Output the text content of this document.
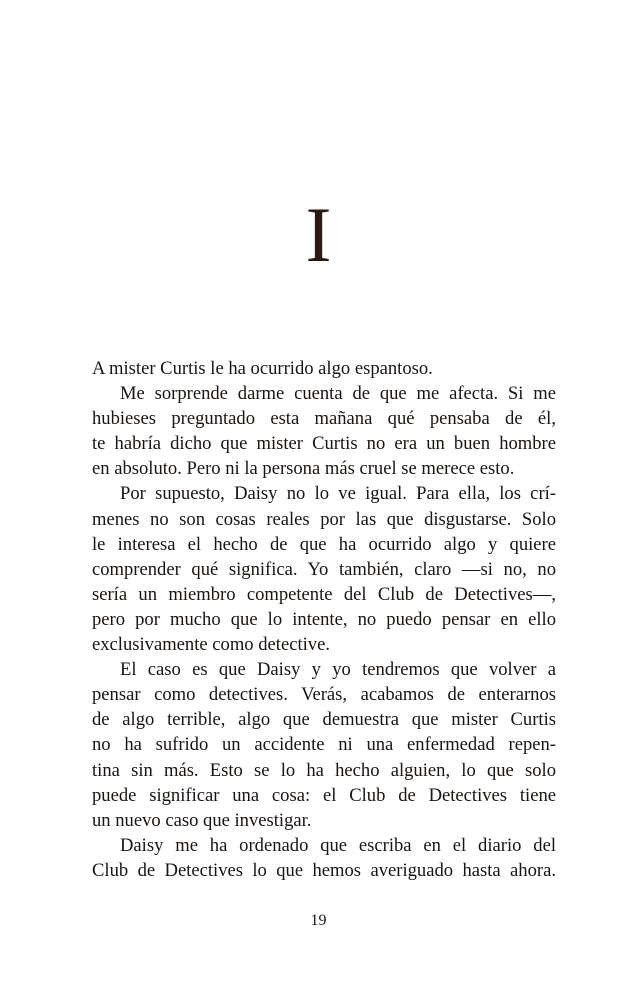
I
A mister Curtis le ha ocurrido algo espantoso.
Me sorprende darme cuenta de que me afecta. Si me
hubieses preguntado esta mañana qué pensaba de él,
te habría dicho que mister Curtis no era un buen hombre
en absoluto. Pero ni la persona más cruel se merece esto.
Por supuesto, Daisy no lo ve igual. Para ella, los crí-
menes no son cosas reales por las que disgustarse. Solo
le interesa el hecho de que ha ocurrido algo y quiere
comprender qué significa. Yo también, claro —si no, no
sería un miembro competente del Club de Detectives—,
pero por mucho que lo intente, no puedo pensar en ello
exclusivamente como detective.
El caso es que Daisy y yo tendremos que volver a
pensar como detectives. Verás, acabamos de enterarnos
de algo terrible, algo que demuestra que mister Curtis
no ha sufrido un accidente ni una enfermedad repen-
tina sin más. Esto se lo ha hecho alguien, lo que solo
puede significar una cosa: el Club de Detectives tiene
un nuevo caso que investigar.
Daisy me ha ordenado que escriba en el diario del
Club de Detectives lo que hemos averiguado hasta ahora.
19
